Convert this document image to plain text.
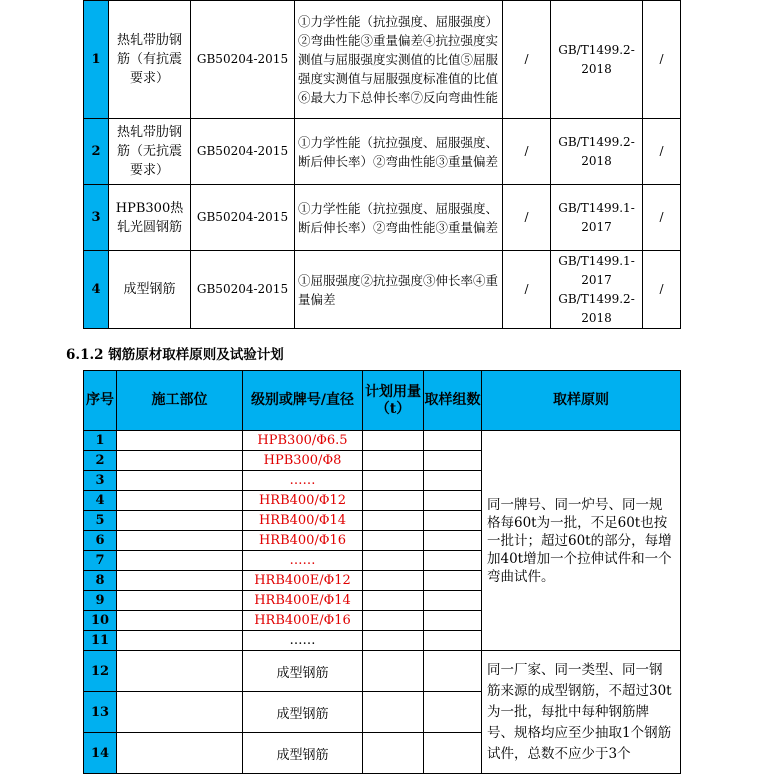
1	热轧带肋钢筋（有抗震要求）	GB50204-2015	①力学性能（抗拉强度、屈服强度）②弯曲性能③重量偏差④抗拉强度实测值与屈服强度实测值的比值⑤屈服强度实测值与屈服强度标准值的比值⑥最大力下总伸长率⑦反向弯曲性能	/	GB/T1499.2-2018	/
2	热轧带肋钢筋（无抗震要求）	GB50204-2015	①力学性能（抗拉强度、屈服强度、断后伸长率）②弯曲性能③重量偏差	/	GB/T1499.2-2018	/
3	HPB300热轧光圆钢筋	GB50204-2015	①力学性能（抗拉强度、屈服强度、断后伸长率）②弯曲性能③重量偏差	/	GB/T1499.1-2017	/
4	成型钢筋	GB50204-2015	①屈服强度②抗拉强度③伸长率④重量偏差	/	GB/T1499.1-2017 GB/T1499.2-2018	/
6.1.2 钢筋原材取样原则及试验计划
序号	施工部位	级别或牌号/直径	计划用量（t）	取样组数	取样原则
1		HPB300/Φ6.5			同一牌号、同一炉号、同一规格每60t为一批，不足60t也按一批计；超过60t的部分，每增加40t增加一个拉伸试件和一个弯曲试件。
2		HPB300/Φ8			
3		……			
4		HRB400/Φ12			
5		HRB400/Φ14			
6		HRB400/Φ16			
7		……			
8		HRB400E/Φ12			
9		HRB400E/Φ14			
10		HRB400E/Φ16			
11		……			
12		成型钢筋			同一厂家、同一类型、同一钢筋来源的成型钢筋，不超过30t为一批，每批中每种钢筋牌号、规格均应至少抽取1个钢筋试件，总数不应少于3个
13		成型钢筋			
14		成型钢筋			
